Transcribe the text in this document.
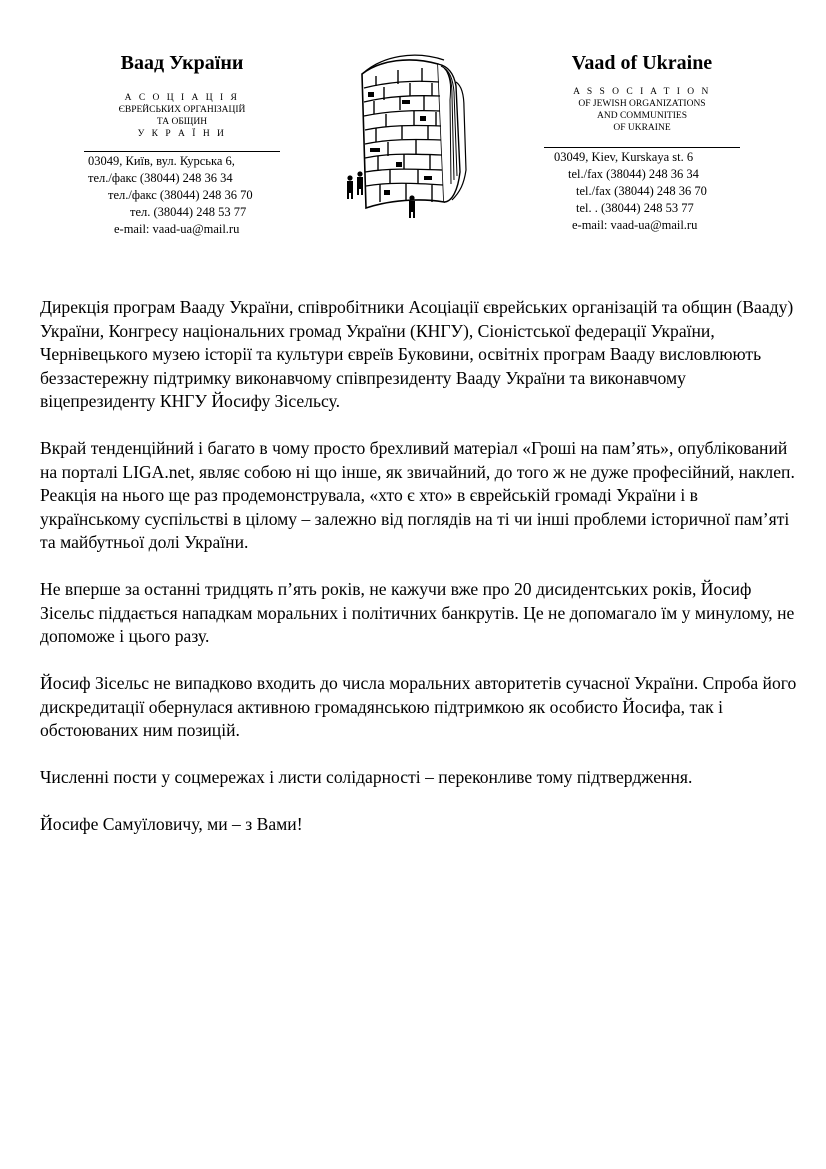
Ваад України
А С О Ц І А Ц І Я
ЄВРЕЙСЬКИХ ОРГАНІЗАЦІЙ
ТА ОБЩИН
У К Р А Ї Н И
03049, Київ, вул. Курська 6,
тел./факс (38044) 248 36 34
тел./факс (38044) 248 36 70
тел. (38044) 248 53 77
e-mail: vaad-ua@mail.ru
Vaad of Ukraine
A S S O C I A T I O N
OF JEWISH ORGANIZATIONS
AND COMMUNITIES
OF UKRAINE
03049, Kiev, Kurskaya st. 6
tel./fax (38044) 248 36 34
tel./fax (38044) 248 36 70
tel. . (38044) 248 53 77
e-mail: vaad-ua@mail.ru

Дирекція програм Вааду України, співробітники Асоціації єврейських організацій та общин (Вааду) України, Конгресу національних громад України (КНГУ), Сіоністської федерації України, Чернівецького музею історії та культури євреїв Буковини, освітніх програм Вааду висловлюють беззастережну підтримку виконавчому співпрезиденту Вааду України та виконавчому віцепрезиденту КНГУ Йосифу Зісельсу.

Вкрай тенденційний і багато в чому просто брехливий матеріал «Гроші на пам’ять», опублікований на порталі LIGA.net, являє собою ні що інше, як звичайний, до того ж не дуже професійний, наклеп. Реакція на нього ще раз продемонструвала, «хто є хто» в єврейській громаді України і в українському суспільстві в цілому – залежно від поглядів на ті чи інші проблеми історичної пам’яті та майбутньої долі України.

Не вперше за останні тридцять п’ять років, не кажучи вже про 20 дисидентських років, Йосиф Зісельс піддається нападкам моральних і політичних банкрутів. Це не допомагало їм у минулому, не допоможе і цього разу.

Йосиф Зісельс не випадково входить до числа моральних авторитетів сучасної України. Спроба його дискредитації обернулася активною громадянською підтримкою як особисто Йосифа, так і обстоюваних ним позицій.

Численні пости у соцмережах і листи солідарності – переконливе тому підтвердження.

Йосифе Самуїловичу, ми – з Вами!
